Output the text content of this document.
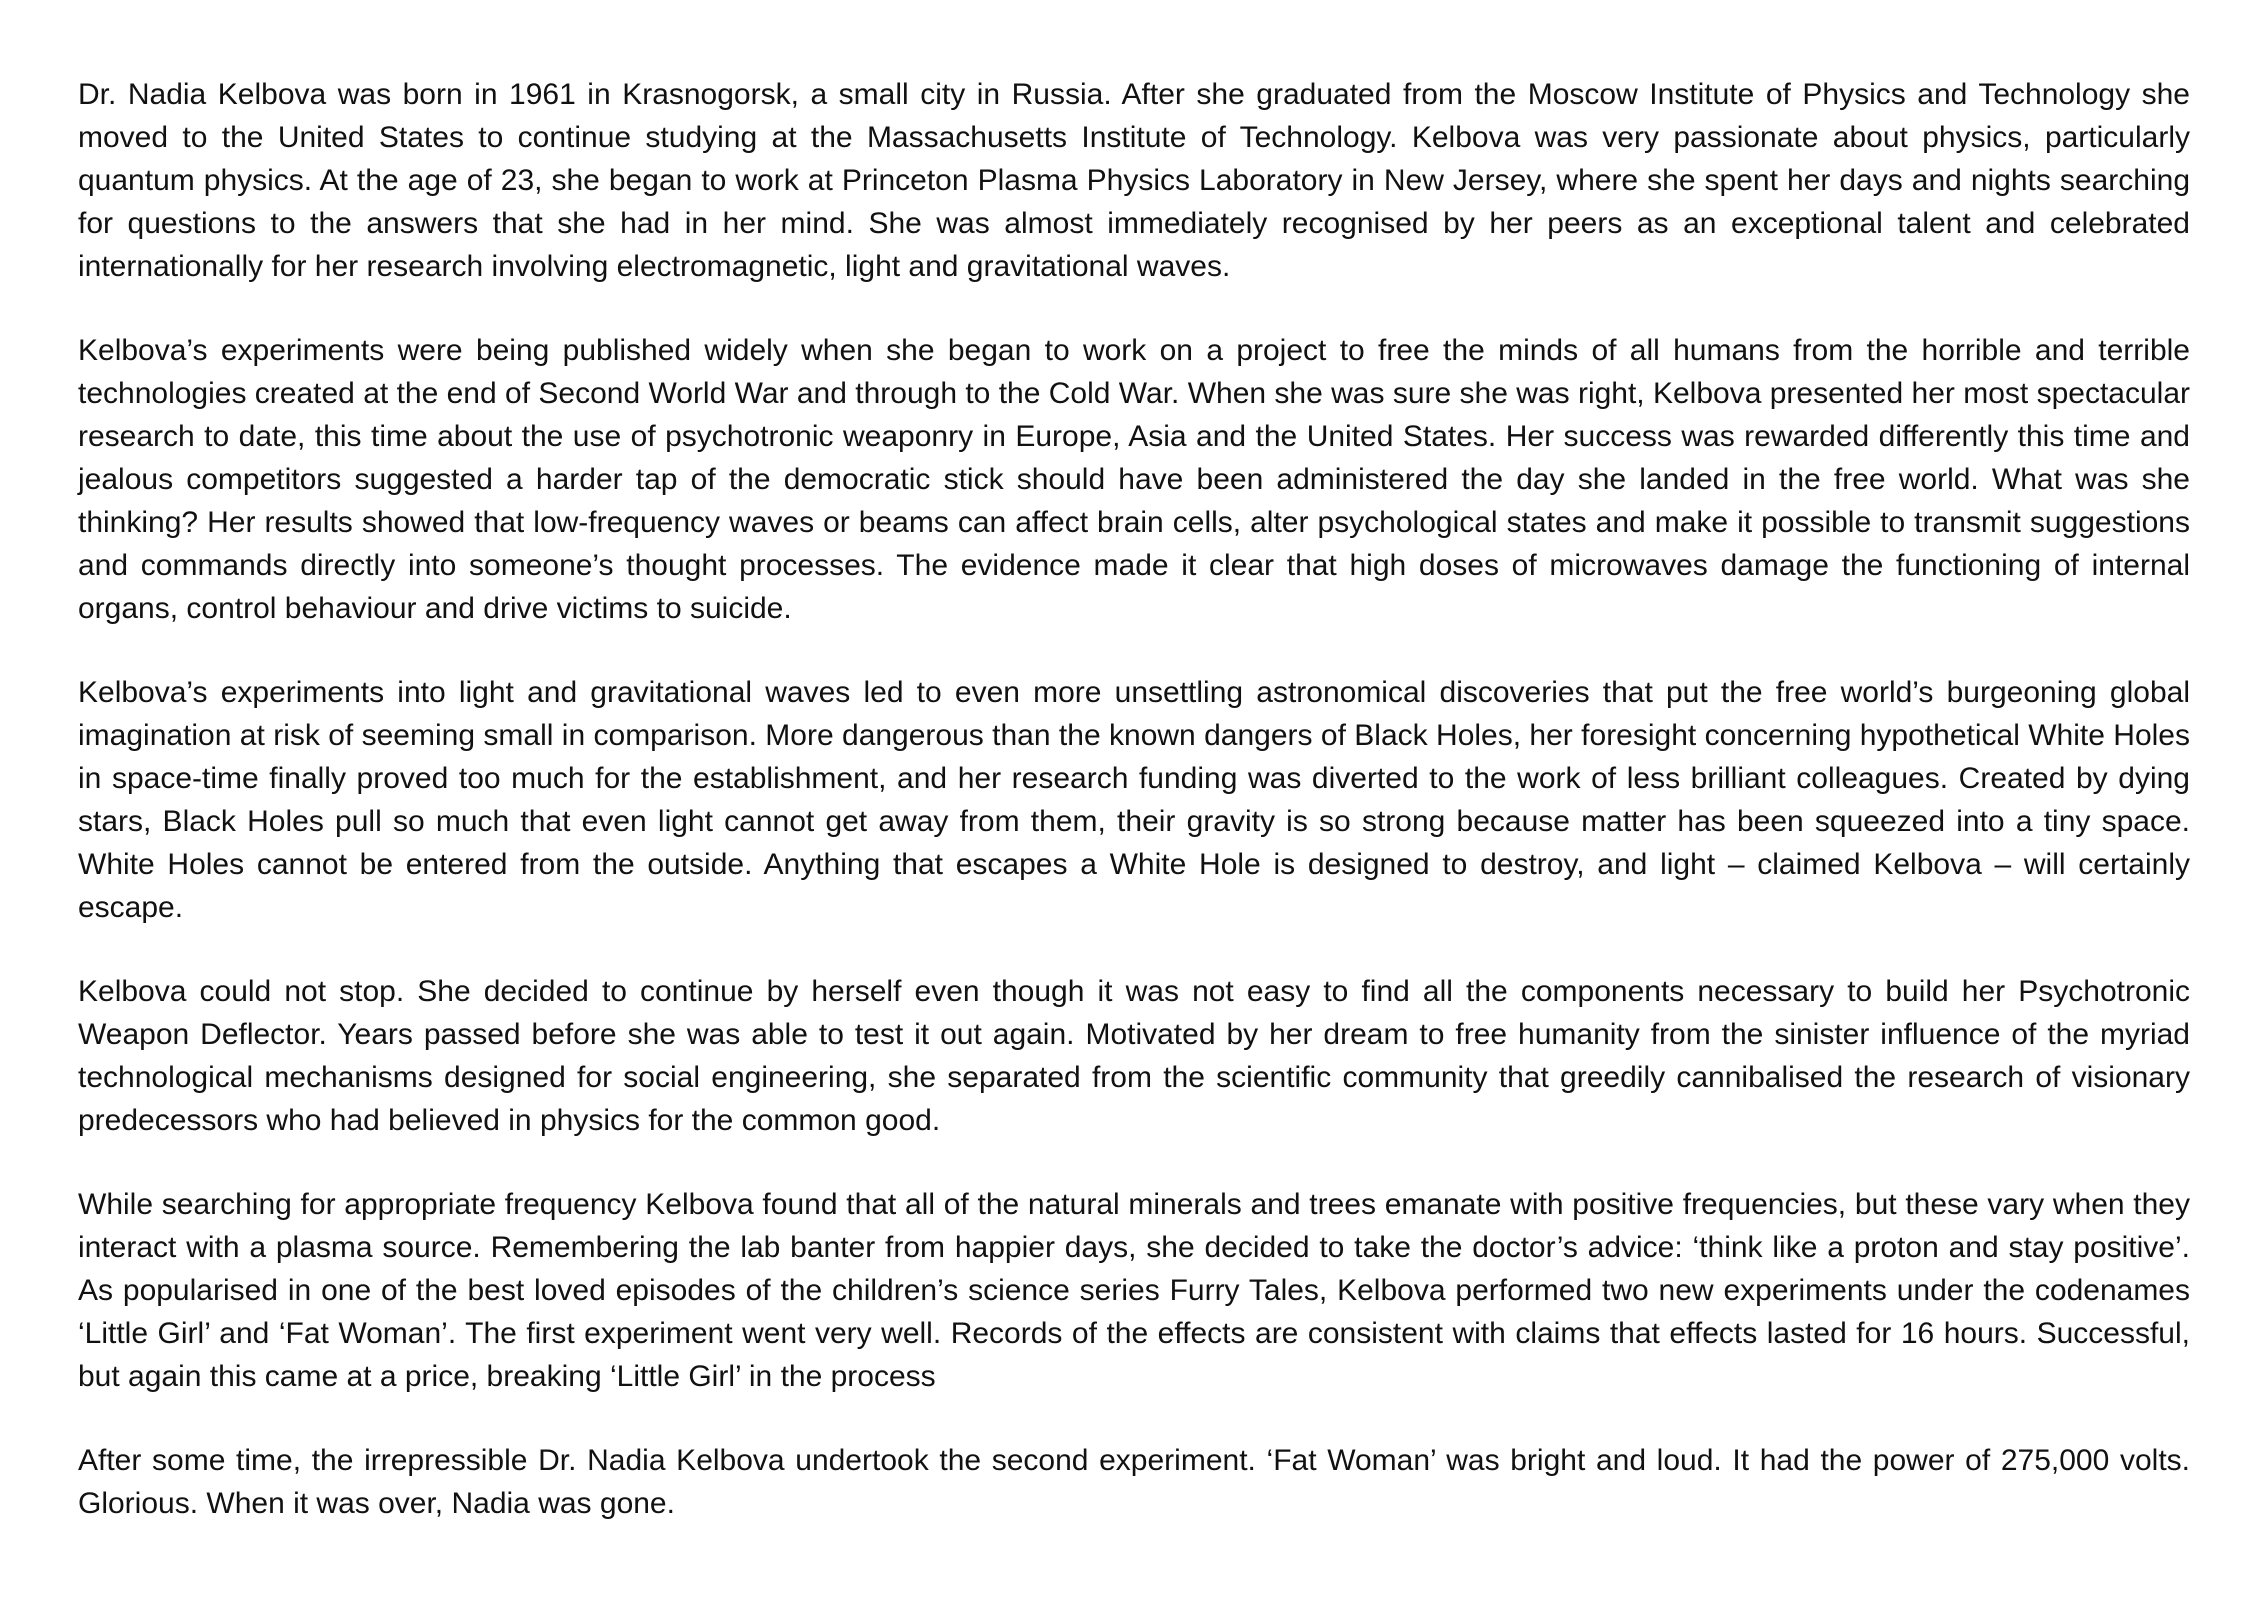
Dr. Nadia Kelbova was born in 1961 in Krasnogorsk, a small city in Russia. After she graduated from the Moscow Institute of Physics and Technology she moved to the United States to continue studying at the Massachusetts Institute of Technology. Kelbova was very passionate about physics, particularly quantum physics. At the age of 23, she began to work at Princeton Plasma Physics Laboratory in New Jersey, where she spent her days and nights searching for questions to the answers that she had in her mind. She was almost immediately recognised by her peers as an exceptional talent and celebrated internationally for her research involving electromagnetic, light and gravitational waves.

Kelbova’s experiments were being published widely when she began to work on a project to free the minds of all humans from the horrible and terrible technologies created at the end of Second World War and through to the Cold War. When she was sure she was right, Kelbova presented her most spectacular research to date, this time about the use of psychotronic weaponry in Europe, Asia and the United States. Her success was rewarded differently this time and jealous competitors suggested a harder tap of the democratic stick should have been administered the day she landed in the free world. What was she thinking? Her results showed that low-frequency waves or beams can affect brain cells, alter psychological states and make it possible to transmit suggestions and commands directly into someone’s thought processes. The evidence made it clear that high doses of microwaves damage the functioning of internal organs, control behaviour and drive victims to suicide.

Kelbova’s experiments into light and gravitational waves led to even more unsettling astronomical discoveries that put the free world’s burgeoning global imagination at risk of seeming small in comparison. More dangerous than the known dangers of Black Holes, her foresight concerning hypothetical White Holes in space-time finally proved too much for the establishment, and her research funding was diverted to the work of less brilliant colleagues. Created by dying stars, Black Holes pull so much that even light cannot get away from them, their gravity is so strong because matter has been squeezed into a tiny space. White Holes cannot be entered from the outside. Anything that escapes a White Hole is designed to destroy, and light – claimed Kelbova – will certainly escape.

Kelbova could not stop. She decided to continue by herself even though it was not easy to find all the components necessary to build her Psychotronic Weapon Deflector. Years passed before she was able to test it out again. Motivated by her dream to free humanity from the sinister influence of the myriad technological mechanisms designed for social engineering, she separated from the scientific community that greedily cannibalised the research of visionary predecessors who had believed in physics for the common good.

While searching for appropriate frequency Kelbova found that all of the natural minerals and trees emanate with positive frequencies, but these vary when they interact with a plasma source. Remembering the lab banter from happier days, she decided to take the doctor’s advice: ‘think like a proton and stay positive’. As popularised in one of the best loved episodes of the children’s science series Furry Tales, Kelbova performed two new experiments under the codenames ‘Little Girl’ and ‘Fat Woman’. The first experiment went very well. Records of the effects are consistent with claims that effects lasted for 16 hours. Successful, but again this came at a price, breaking ‘Little Girl’ in the process

After some time, the irrepressible Dr. Nadia Kelbova undertook the second experiment. ‘Fat Woman’ was bright and loud. It had the power of 275,000 volts. Glorious. When it was over, Nadia was gone.
